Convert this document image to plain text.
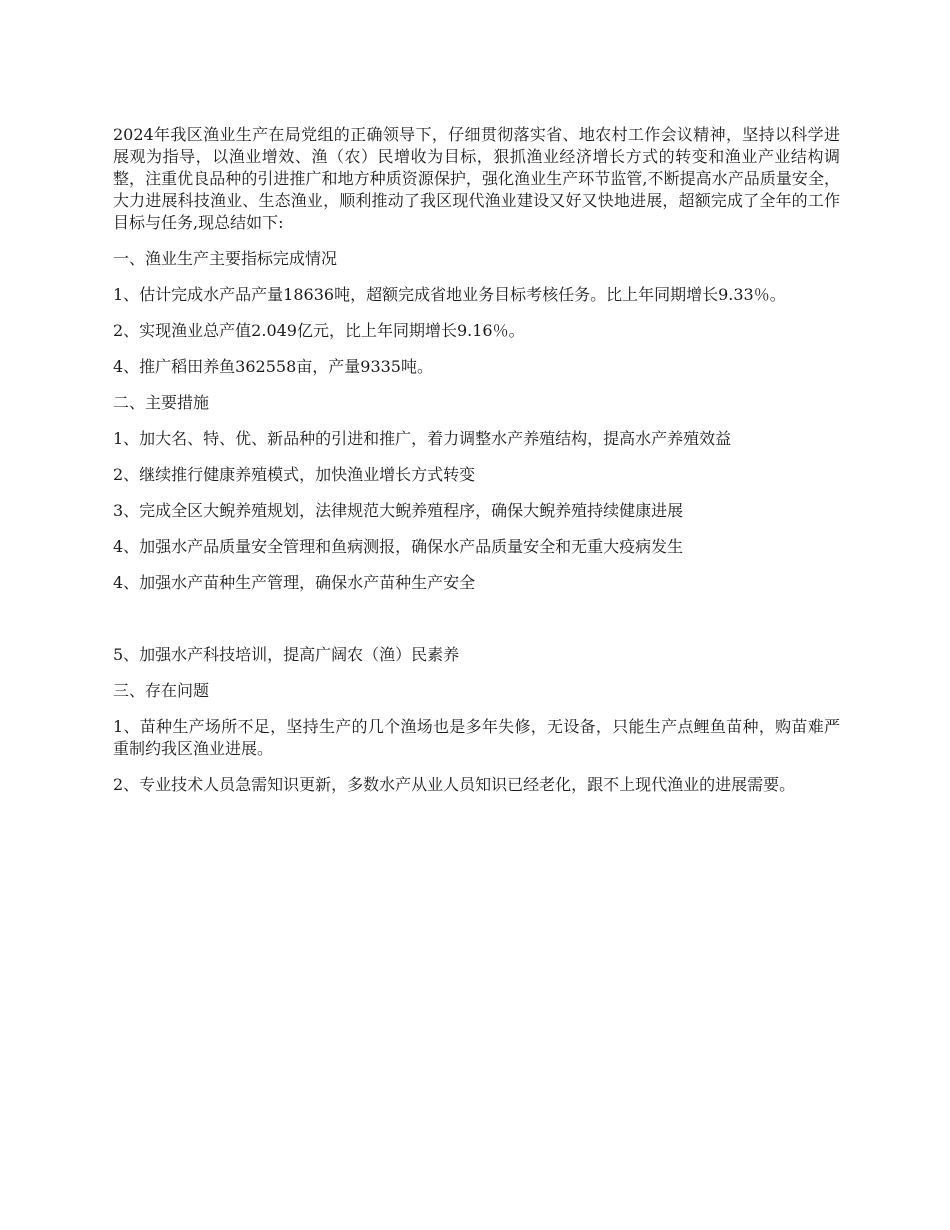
2024年我区渔业生产在局党组的正确领导下，仔细贯彻落实省、地农村工作会议精神，坚持以科学进展观为指导，以渔业增效、渔（农）民增收为目标，狠抓渔业经济增长方式的转变和渔业产业结构调整，注重优良品种的引进推广和地方种质资源保护，强化渔业生产环节监管,不断提高水产品质量安全，大力进展科技渔业、生态渔业，顺利推动了我区现代渔业建设又好又快地进展，超额完成了全年的工作目标与任务,现总结如下:

一、渔业生产主要指标完成情况

1、估计完成水产品产量18636吨，超额完成省地业务目标考核任务。比上年同期增长9.33％。

2、实现渔业总产值2.049亿元，比上年同期增长9.16％。

4、推广稻田养鱼362558亩，产量9335吨。

二、主要措施

1、加大名、特、优、新品种的引进和推广，着力调整水产养殖结构，提高水产养殖效益

2、继续推行健康养殖模式，加快渔业增长方式转变

3、完成全区大鲵养殖规划，法律规范大鲵养殖程序，确保大鲵养殖持续健康进展

4、加强水产品质量安全管理和鱼病测报，确保水产品质量安全和无重大疫病发生

4、加强水产苗种生产管理，确保水产苗种生产安全

5、加强水产科技培训，提高广阔农（渔）民素养

三、存在问题

1、苗种生产场所不足，坚持生产的几个渔场也是多年失修，无设备，只能生产点鲤鱼苗种，购苗难严重制约我区渔业进展。

2、专业技术人员急需知识更新，多数水产从业人员知识已经老化，跟不上现代渔业的进展需要。
